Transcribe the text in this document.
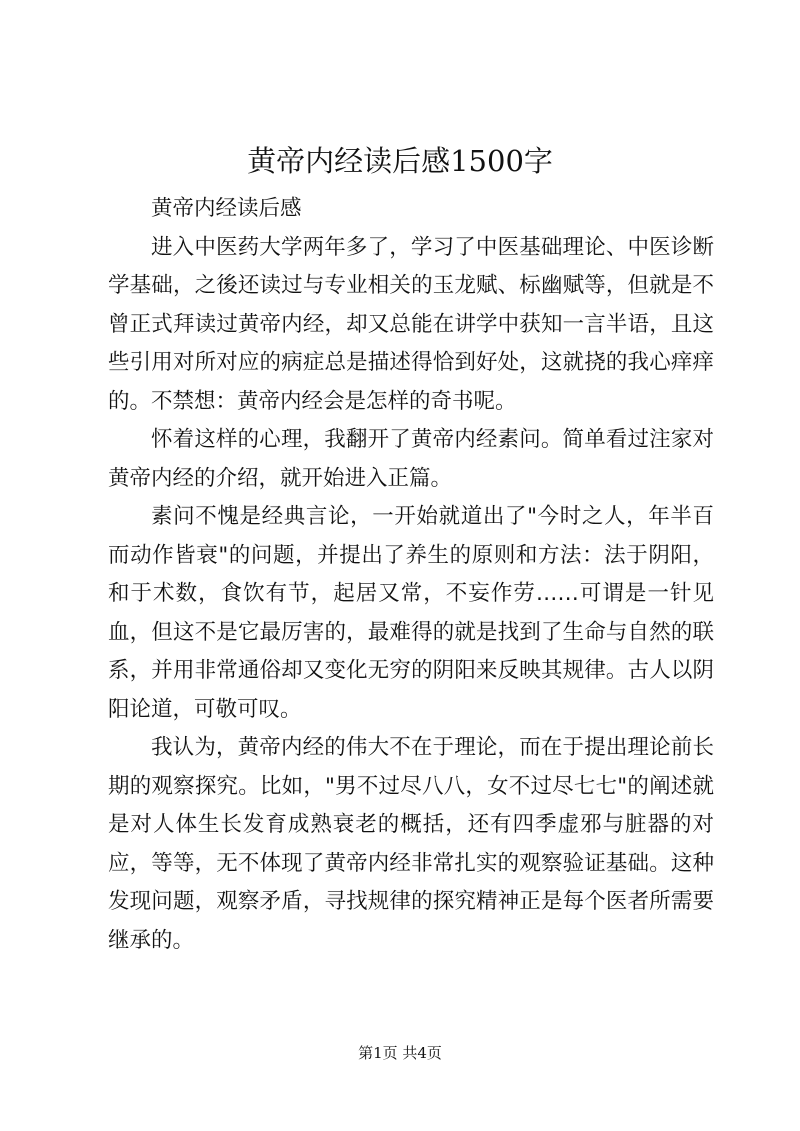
黄帝内经读后感1500字

黄帝内经读后感

进入中医药大学两年多了，学习了中医基础理论、中医诊断学基础，之後还读过与专业相关的玉龙赋、标幽赋等，但就是不曾正式拜读过黄帝内经，却又总能在讲学中获知一言半语，且这些引用对所对应的病症总是描述得恰到好处，这就挠的我心痒痒的。不禁想：黄帝内经会是怎样的奇书呢。

怀着这样的心理，我翻开了黄帝内经素问。简单看过注家对黄帝内经的介绍，就开始进入正篇。

素问不愧是经典言论，一开始就道出了"今时之人，年半百而动作皆衰"的问题，并提出了养生的原则和方法：法于阴阳，和于术数，食饮有节，起居又常，不妄作劳……可谓是一针见血，但这不是它最厉害的，最难得的就是找到了生命与自然的联系，并用非常通俗却又变化无穷的阴阳来反映其规律。古人以阴阳论道，可敬可叹。

我认为，黄帝内经的伟大不在于理论，而在于提出理论前长期的观察探究。比如，"男不过尽八八，女不过尽七七"的阐述就是对人体生长发育成熟衰老的概括，还有四季虚邪与脏器的对应，等等，无不体现了黄帝内经非常扎实的观察验证基础。这种发现问题，观察矛盾，寻找规律的探究精神正是每个医者所需要继承的。

第1页 共4页
